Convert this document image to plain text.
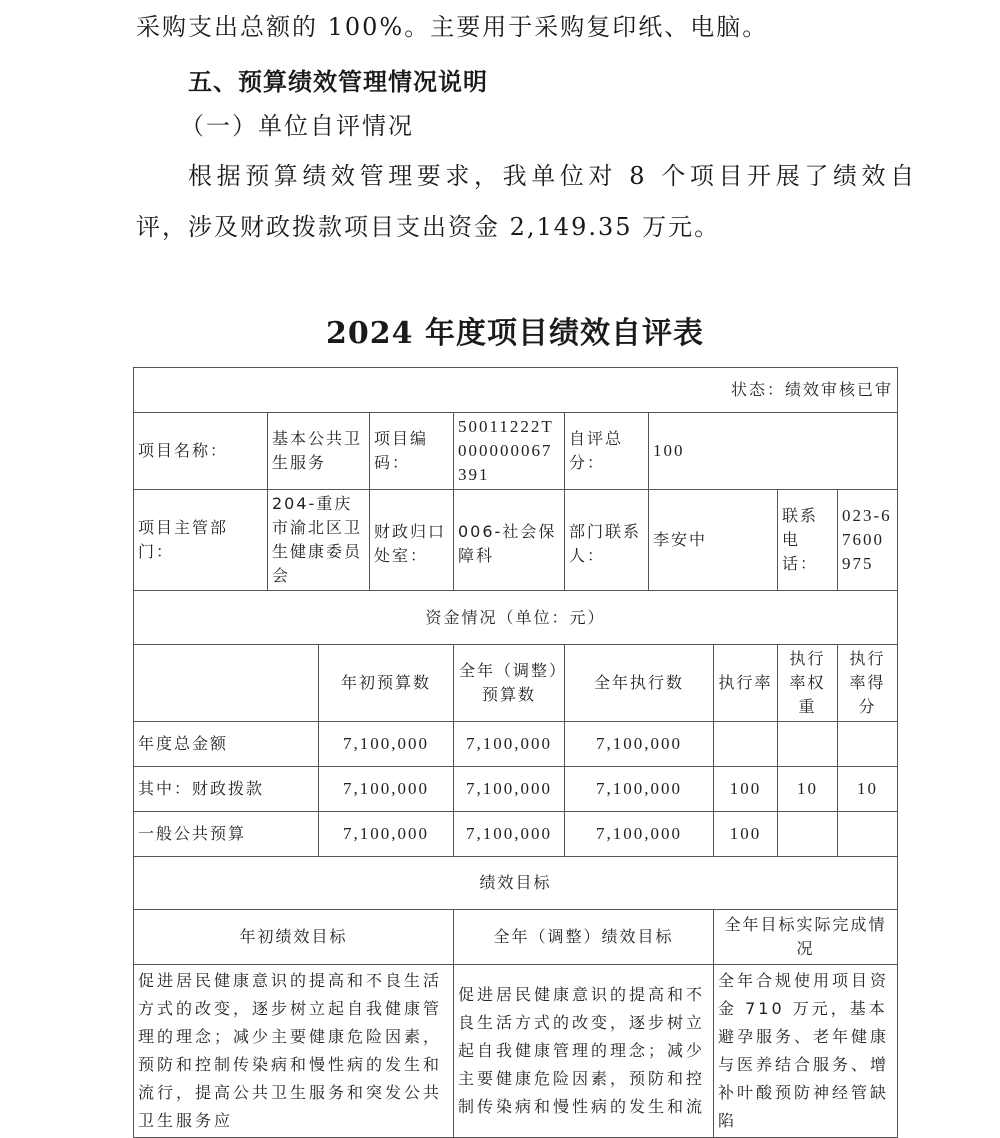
采购支出总额的 100%。主要用于采购复印纸、电脑。
五、预算绩效管理情况说明
（一）单位自评情况
根据预算绩效管理要求，我单位对 8 个项目开展了绩效自
评，涉及财政拨款项目支出资金 2,149.35 万元。
2024 年度项目绩效自评表
状态：绩效审核已审									
项目名称：	基本公共卫生服务		项目编码：	50011222T000000067391	自评总分：	100			
项目主管部门：	204-重庆市渝北区卫生健康委员会		财政归口处室：	006-社会保障科	部门联系人：	李安中		联系电话：	023-67600975
资金情况（单位：元）									
		年初预算数		全年（调整）预算数	全年执行数		执行率	执行率权重	执行率得分
年度总金额		7,100,000		7,100,000	7,100,000				
其中：财政拨款		7,100,000		7,100,000	7,100,000		100	10	10
一般公共预算		7,100,000		7,100,000	7,100,000		100		
绩效目标									
年初绩效目标				全年（调整）绩效目标			全年目标实际完成情况		
促进居民健康意识的提高和不良生活方式的改变，逐步树立起自我健康管理的理念；减少主要健康危险因素，预防和控制传染病和慢性病的发生和流行，提高公共卫生服务和突发公共卫生服务应				促进居民健康意识的提高和不良生活方式的改变，逐步树立起自我健康管理的理念；减少主要健康危险因素，预防和控制传染病和慢性病的发生和流			全年合规使用项目资金 710 万元，基本避孕服务、老年健康与医养结合服务、增补叶酸预防神经管缺陷		
